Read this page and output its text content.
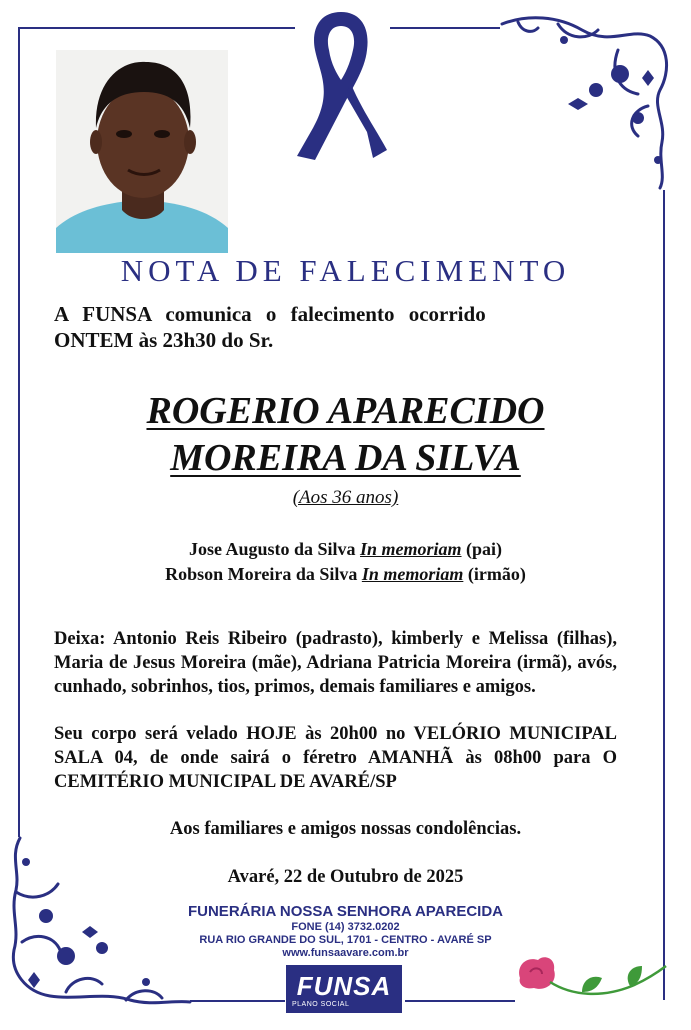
NOTA DE FALECIMENTO
A FUNSA comunica o falecimento ocorrido
ONTEM às 23h30 do Sr.
ROGERIO APARECIDO
MOREIRA DA SILVA
(Aos 36 anos)
Jose Augusto da Silva In memoriam (pai)
Robson Moreira da Silva In memoriam (irmão)
Deixa: Antonio Reis Ribeiro (padrasto), kimberly e Melissa (filhas), Maria de Jesus Moreira (mãe), Adriana Patricia Moreira (irmã), avós, cunhado, sobrinhos, tios, primos, demais familiares e amigos.
Seu corpo será velado HOJE às 20h00 no VELÓRIO MUNICIPAL SALA 04, de onde sairá o féretro AMANHÃ às 08h00 para O CEMITÉRIO MUNICIPAL DE AVARÉ/SP
Aos familiares e amigos nossas condolências.
Avaré, 22 de Outubro de 2025
FUNERÁRIA NOSSA SENHORA APARECIDA
FONE (14) 3732.0202
RUA RIO GRANDE DO SUL, 1701 - CENTRO - AVARÉ SP
www.funsaavare.com.br
FUNSA
PLANO SOCIAL
